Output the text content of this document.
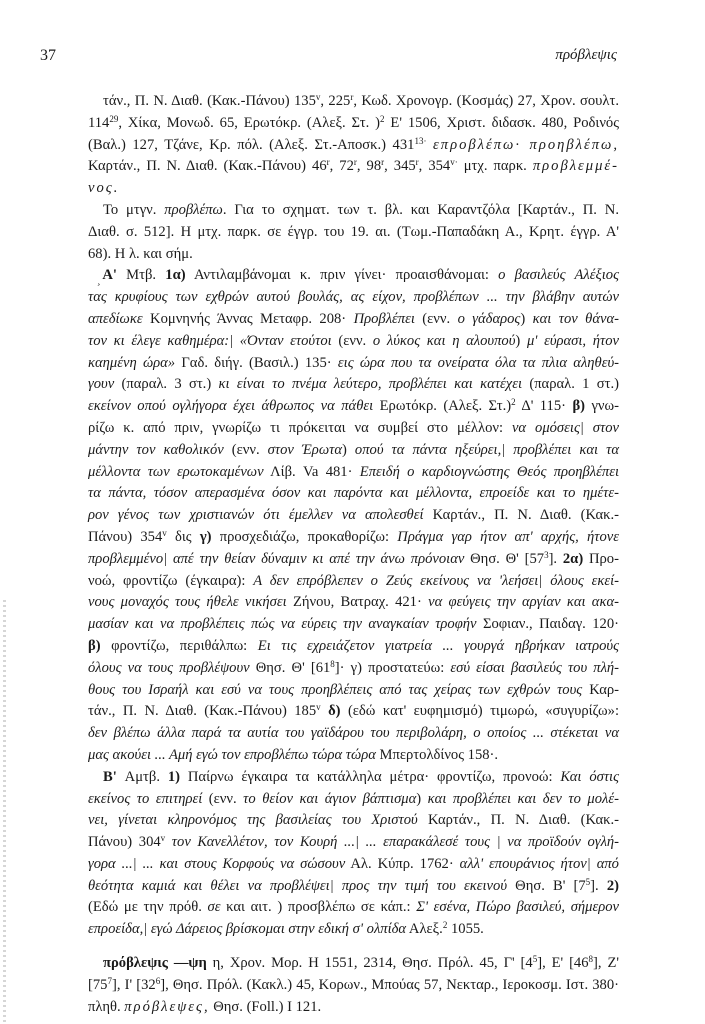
37	πρόβλεψις
τάν., Π. Ν. Διαθ. (Κακ.-Πάνου) 135$^v$, 225$^r$, Κωδ. Χρονογρ. (Κοσμάς) 27, Χρον. σουλτ.
$114^{29}$, Χίκα, Μονωδ. 65, Ερωτόκρ. (Αλεξ. Στ. )$^2$ Ε' 1506, Χριστ. διδασκ. 480, Ροδινός
(Βαλ.) 127, Τζάνε, Κρ. πόλ. (Αλεξ. Στ.-Αποσκ.) $431^{13\cdot}$ επροβλέπω· προηβλέπω,
Καρτάν., Π. Ν. Διαθ. (Κακ.-Πάνου) 46$^r$, 72$^r$, 98$^r$, 345$^r$, $354^{v\cdot}$ μτχ. παρκ. προβλεμμέ-
νος.
Το μτγν. προβλέπω. Για το σχηματ. των τ. βλ. και Καραντζόλα [Καρτάν., Π. Ν.
Διαθ. σ. 512]. Η μτχ. παρκ. σε έγγρ. του 19. αι. (Τωμ.-Παπαδάκη Α., Κρητ. έγγρ. Α'
68). Η λ. και σήμ.
$_¸$ Α' Μτβ. 1α) Αντιλαμβάνομαι κ. πριν γίνει· προαισθάνομαι: ο βασιλεύς Αλέξιος
τας κρυφίους των εχθρών αυτού βουλάς, ας είχον, προβλέπων ... την βλάβην αυτών
απεδίωκε Κομνηνής Άννας Μεταφρ. 208· Προβλέπει (ενν. ο γάδαρος) και τον θάνα-
τον κι έλεγε καθημέρα:| «Όνταν ετούτοι (ενν. ο λύκος και η αλουπού) μ' εύρασι, ήτον
καημένη ώρα» Γαδ. διήγ. (Βασιλ.) 135· εις ώρα που τα ονείρατα όλα τα πλια αληθεύ-
γουν (παραλ. 3 στ.) κι είναι το πνέμα λεύτερο, προβλέπει και κατέχει (παραλ. 1 στ.)
εκείνον οπού ογλήγορα έχει άθρωπος να πάθει Ερωτόκρ. (Αλεξ. Στ.)$^2$ Δ' 115· β) γνω-
ρίζω κ. από πριν, γνωρίζω τι πρόκειται να συμβεί στο μέλλον: να ομόσεις| στον
μάντην τον καθολικόν (ενν. στον Έρωτα) οπού τα πάντα ηξεύρει,| προβλέπει και τα
μέλλοντα των ερωτοκαμένων Λίβ. Va 481· Επειδή ο καρδιογνώστης Θεός προηβλέπει
τα πάντα, τόσον απερασμένα όσον και παρόντα και μέλλοντα, επροείδε και το ημέτε-
ρον γένος των χριστιανών ότι έμελλεν να απολεσθεί Καρτάν., Π. Ν. Διαθ. (Κακ.-
Πάνου) 354$^v$ δις γ) προσχεδιάζω, προκαθορίζω: Πράγμα γαρ ήτον απ' αρχής, ήτονε
προβλεμμένο| απέ την θείαν δύναμιν κι απέ την άνω πρόνοιαν Θησ. Θ' $[57^3]$. 2α) Προ-
νοώ, φροντίζω (έγκαιρα): Α δεν επρόβλεπεν ο Ζεύς εκείνους να 'λεήσει| όλους εκεί-
νους μοναχός τους ήθελε νικήσει Ζήνου, Βατραχ. 421· να φεύγεις την αργίαν και ακα-
μασίαν και να προβλέπεις πώς να εύρεις την αναγκαίαν τροφήν Σοφιαν., Παιδαγ. 120·
β) φροντίζω, περιθάλπω: Ει τις εχρειάζετον γιατρεία ... γουργά ηβρήκαν ιατρούς
όλους να τους προβλέψουν Θησ. Θ' $[61^8]\cdot \gamma$) προστατεύω: εσύ είσαι βασιλεύς του πλή-
θους του Ισραήλ και εσύ να τους προηβλέπεις από τας χείρας των εχθρών τους Καρ-
τάν., Π. Ν. Διαθ. (Κακ.-Πάνου) 185$^v$ δ) (εδώ κατ' ευφημισμό) τιμωρώ, «συγυρίζω»:
δεν βλέπω άλλα παρά τα αυτία του γαϊδάρου του περιβολάρη, ο οποίος ... στέκεται να
μας ακούει ... Αμή εγώ τον επροβλέπω τώρα τώρα Μπερτολδίνος 158·.
Β' Αμτβ. 1) Παίρνω έγκαιρα τα κατάλληλα μέτρα· φροντίζω, προνοώ: Και όστις
εκείνος το επιτηρεί (ενν. το θείον και άγιον βάπτισμα) και προβλέπει και δεν το μολέ-
νει, γίνεται κληρονόμος της βασιλείας του Χριστού Καρτάν., Π. Ν. Διαθ. (Κακ.-
Πάνου) 304$^v$ τον Κανελλέτον, τον Κουρή ...| ... επαρακάλεσέ τους | να προϊδούν ογλή-
γορα ...| ... και στους Κορφούς να σώσουν Αλ. Κύπρ. 1762· αλλ' επουράνιος ήτον| από
θεότητα καμιά και θέλει να προβλέψει| προς την τιμή του εκεινού Θησ. Β' $[7^5]$. 2)
(Εδώ με την πρόθ. σε και αιτ. ) προσβλέπω σε κάπ.: Σ' εσένα, Πώρο βασιλεύ, σήμερον
επροείδα,| εγώ Δάρειος βρίσκομαι στην εδική σ' ολπίδα Αλεξ.$^2$ 1055.
πρόβλεψις —ψη η, Χρον. Μορ. Η 1551, 2314, Θησ. Πρόλ. 45, Γ' $[4^5]$, Ε' $[46^8]$, Ζ'
$[75^7]$, Ι' $[32^6]$, Θησ. Πρόλ. (Κακλ.) 45, Κορων., Μπούας 57, Νεκταρ., Ιεροκοσμ. Ιστ. 380·
πληθ. πρόβλεψες, Θησ. (Foll.) Ι 121.
